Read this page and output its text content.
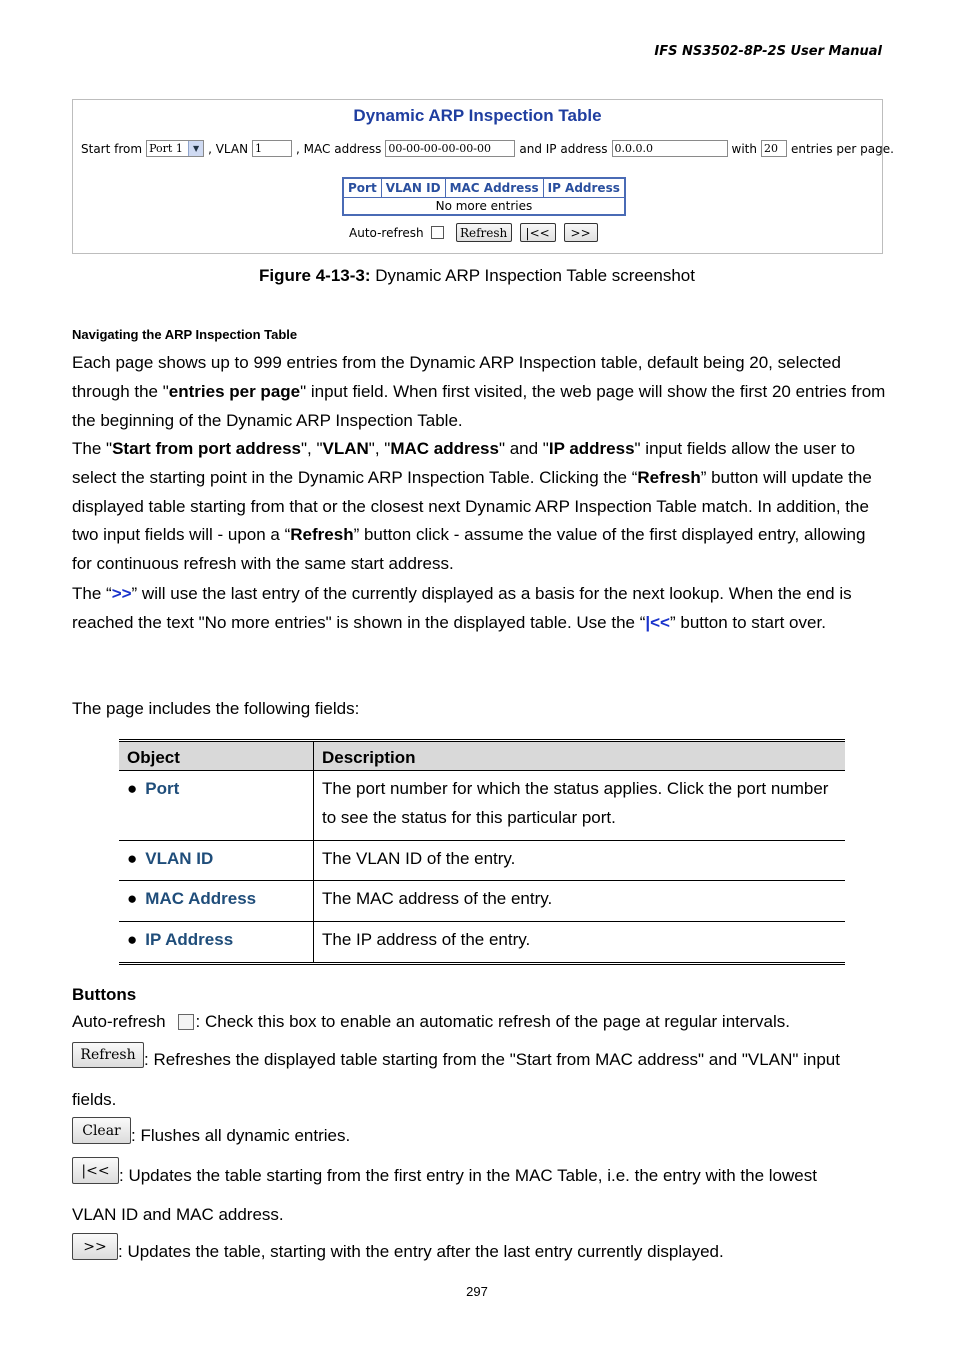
IFS NS3502-8P-2S User Manual
Dynamic ARP Inspection Table
Start from Port 1	▼ , VLAN 1	, MAC address 00-00-00-00-00-00	and IP address 0.0.0.0	with 20	entries per page.
Port	VLAN ID	MAC Address	IP Address
No more entries
Auto-refresh	Refresh	|<<	>>
Figure 4-13-3: Dynamic ARP Inspection Table screenshot
Navigating the ARP Inspection Table
Each page shows up to 999 entries from the Dynamic ARP Inspection table, default being 20, selected through the "entries per page" input field. When first visited, the web page will show the first 20 entries from the beginning of the Dynamic ARP Inspection Table.
The "Start from port address", "VLAN", "MAC address" and "IP address" input fields allow the user to select the starting point in the Dynamic ARP Inspection Table. Clicking the “Refresh” button will update the displayed table starting from that or the closest next Dynamic ARP Inspection Table match. In addition, the two input fields will - upon a “Refresh” button click - assume the value of the first displayed entry, allowing for continuous refresh with the same start address.
The “>>” will use the last entry of the currently displayed as a basis for the next lookup. When the end is reached the text "No more entries" is shown in the displayed table. Use the “|<<” button to start over.
The page includes the following fields:
Object	Description
● Port	The port number for which the status applies. Click the port number to see the status for this particular port.
● VLAN ID	The VLAN ID of the entry.
● MAC Address	The MAC address of the entry.
● IP Address	The IP address of the entry.
Buttons
Auto-refresh : Check this box to enable an automatic refresh of the page at regular intervals.
Refresh : Refreshes the displayed table starting from the "Start from MAC address" and "VLAN" input
fields.
Clear : Flushes all dynamic entries.
|<< : Updates the table starting from the first entry in the MAC Table, i.e. the entry with the lowest
VLAN ID and MAC address.
>> : Updates the table, starting with the entry after the last entry currently displayed.
297
